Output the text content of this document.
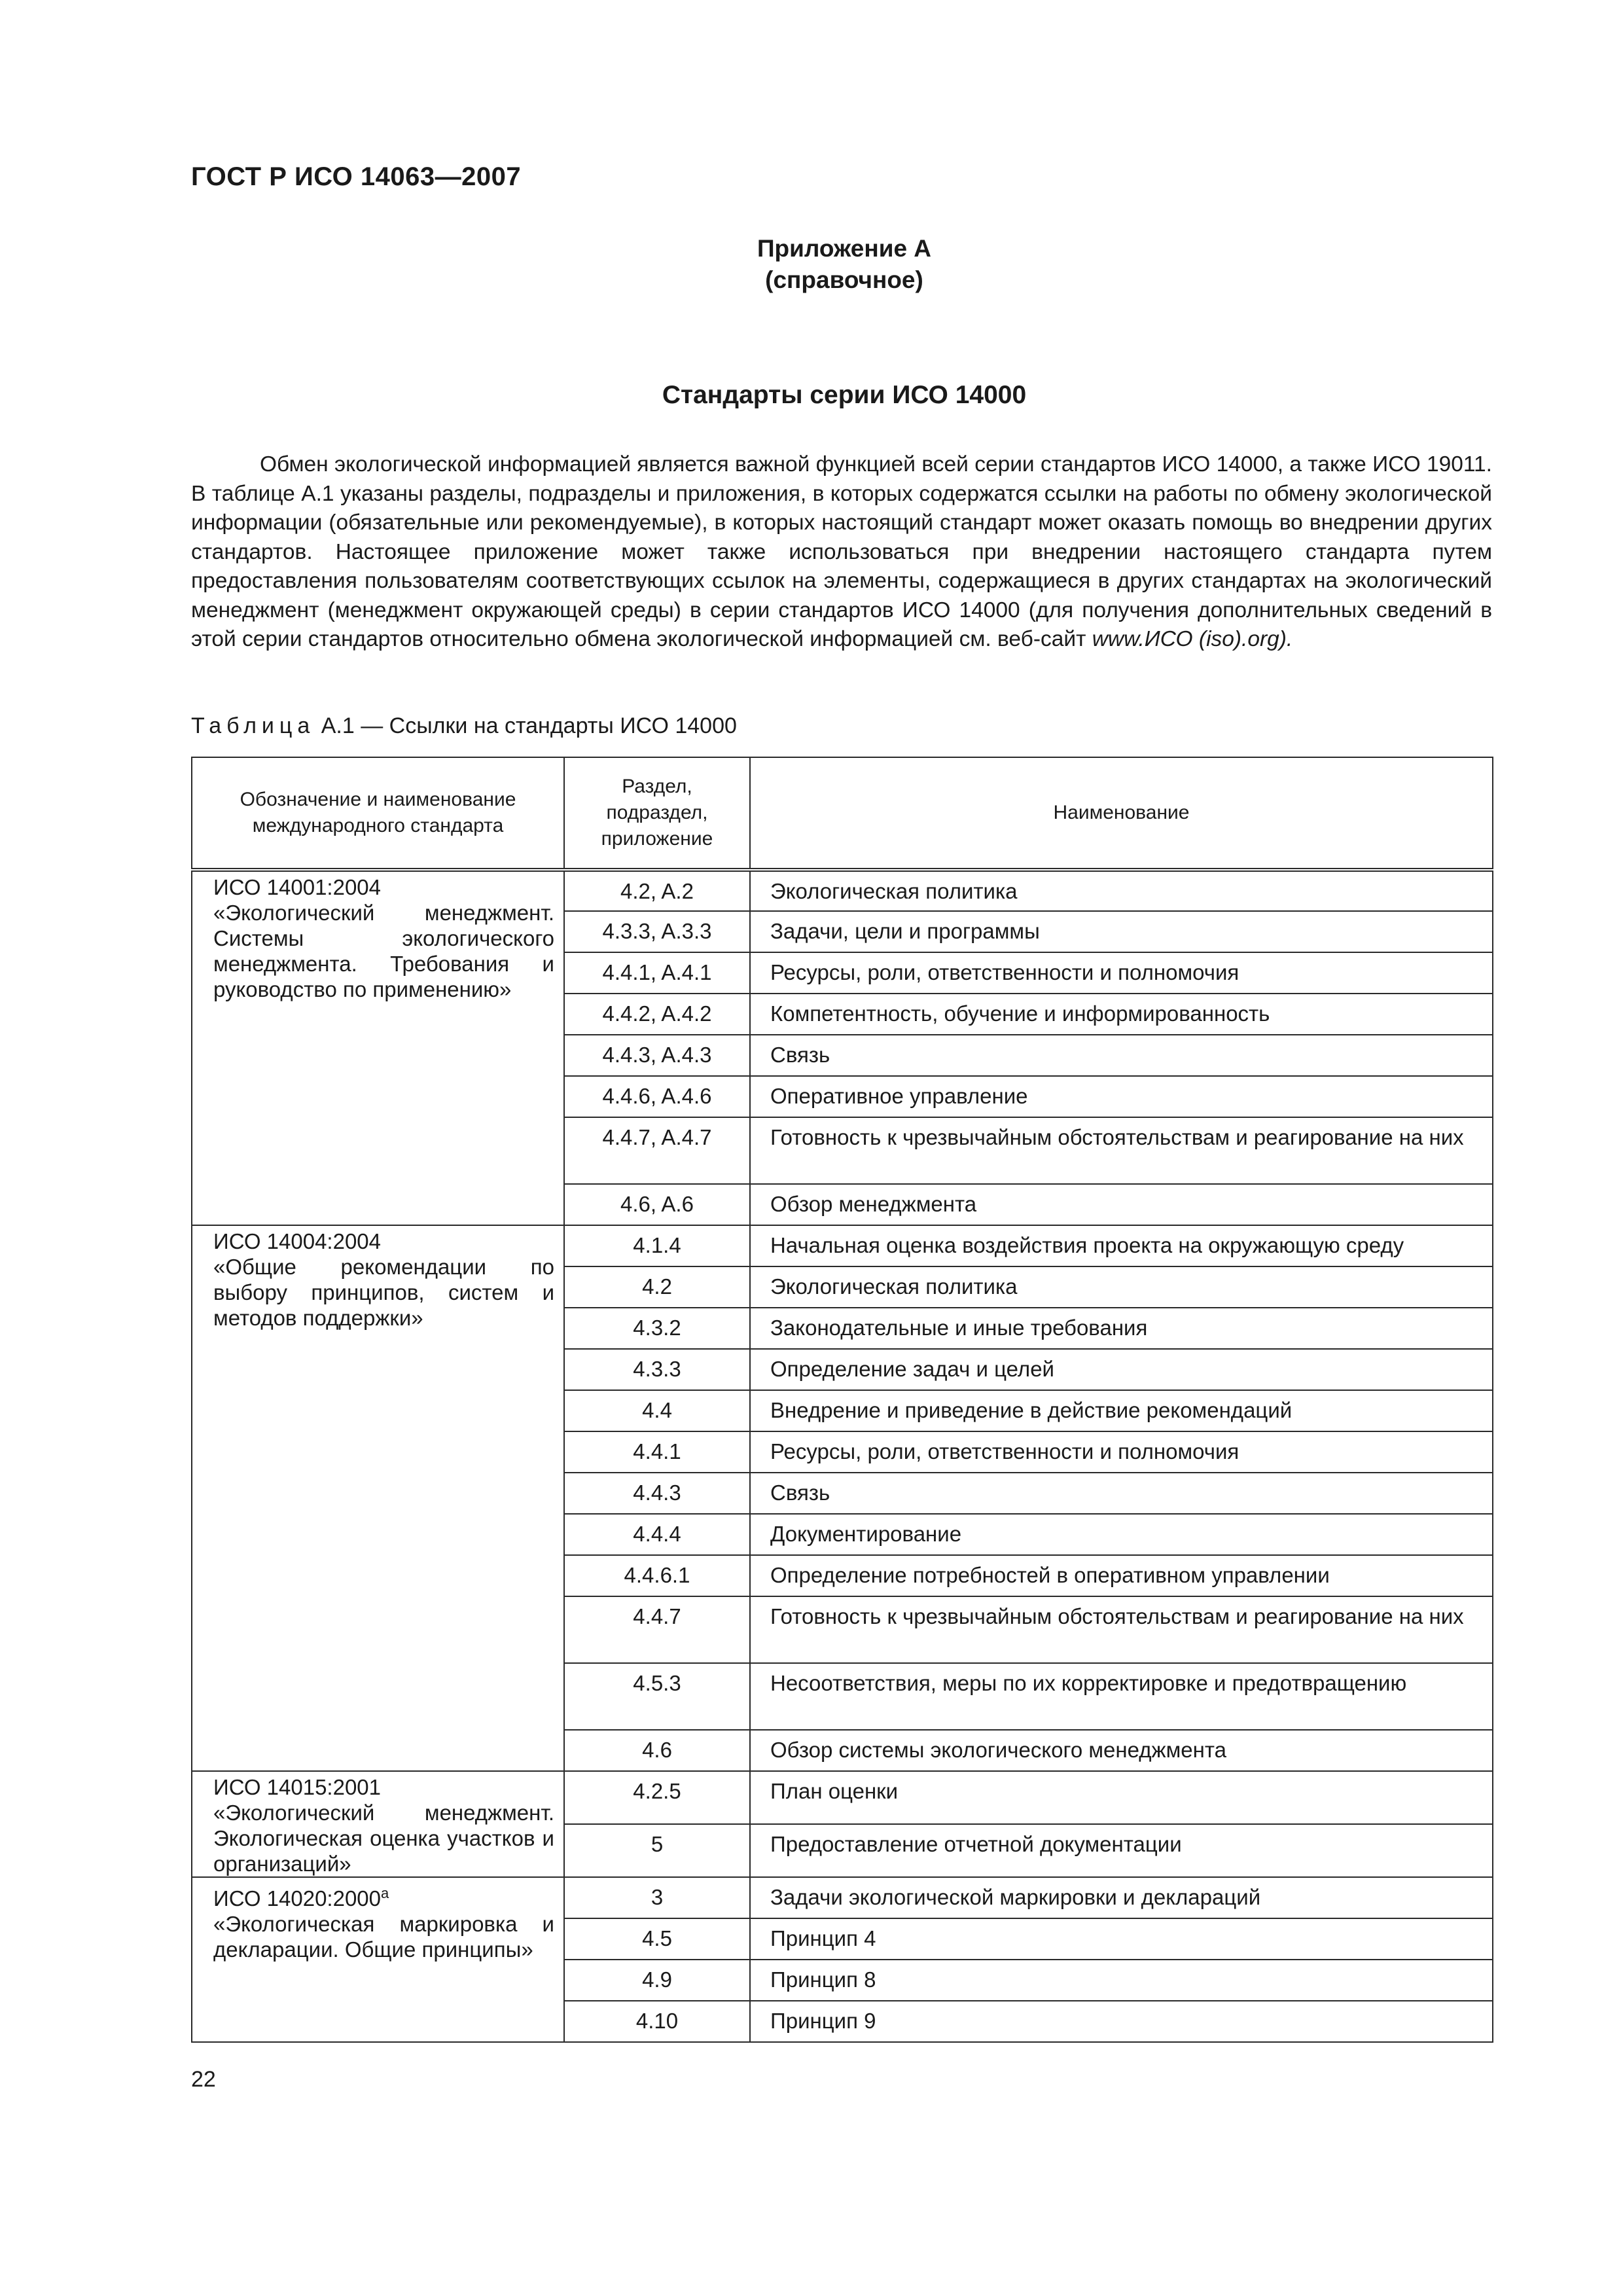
ГОСТ Р ИСО 14063—2007
Приложение А
(справочное)
Стандарты серии ИСО 14000

Обмен экологической информацией является важной функцией всей серии стандартов ИСО 14000, а также ИСО 19011. В таблице А.1 указаны разделы, подразделы и приложения, в которых содержатся ссылки на работы по обмену экологической информации (обязательные или рекомендуемые), в которых настоящий стандарт может оказать помощь во внедрении других стандартов. Настоящее приложение может также использоваться при внедрении настоящего стандарта путем предоставления пользователям соответствующих ссылок на элементы, содержащиеся в других стандартах на экологический менеджмент (менеджмент окружающей среды) в серии стандартов ИСО 14000 (для получения дополнительных сведений в этой серии стандартов относительно обмена экологической информацией см. веб-сайт www.ИСО (iso).org).

Таблица А.1 — Ссылки на стандарты ИСО 14000
Обозначение и наименование международного стандарта	Раздел, подраздел, приложение	Наименование

ИСО 14001:2004
«Экологический менеджмент. Системы экологического менеджмента. Требования и руководство по применению»	4.2, A.2	Экологическая политика
	4.3.3, A.3.3	Задачи, цели и программы
	4.4.1, A.4.1	Ресурсы, роли, ответственности и полномочия
	4.4.2, A.4.2	Компетентность, обучение и информированность
	4.4.3, A.4.3	Связь
	4.4.6, A.4.6	Оперативное управление
	4.4.7, A.4.7	Готовность к чрезвычайным обстоятельствам и реагирование на них
	4.6, A.6	Обзор менеджмента

ИСО 14004:2004
«Общие рекомендации по выбору принципов, систем и методов поддержки»	4.1.4	Начальная оценка воздействия проекта на окружающую среду
	4.2	Экологическая политика
	4.3.2	Законодательные и иные требования
	4.3.3	Определение задач и целей
	4.4	Внедрение и приведение в действие рекомендаций
	4.4.1	Ресурсы, роли, ответственности и полномочия
	4.4.3	Связь
	4.4.4	Документирование
	4.4.6.1	Определение потребностей в оперативном управлении
	4.4.7	Готовность к чрезвычайным обстоятельствам и реагирование на них
	4.5.3	Несоответствия, меры по их корректировке и предотвращению
	4.6	Обзор системы экологического менеджмента

ИСО 14015:2001
«Экологический менеджмент. Экологическая оценка участков и организаций»	4.2.5	План оценки
	5	Предоставление отчетной документации

ИСО $14020:2000^а$
«Экологическая маркировка и декларации. Общие принципы»	3	Задачи экологической маркировки и деклараций
	4.5	Принцип 4
	4.9	Принцип 8
	4.10	Принцип 9
22
